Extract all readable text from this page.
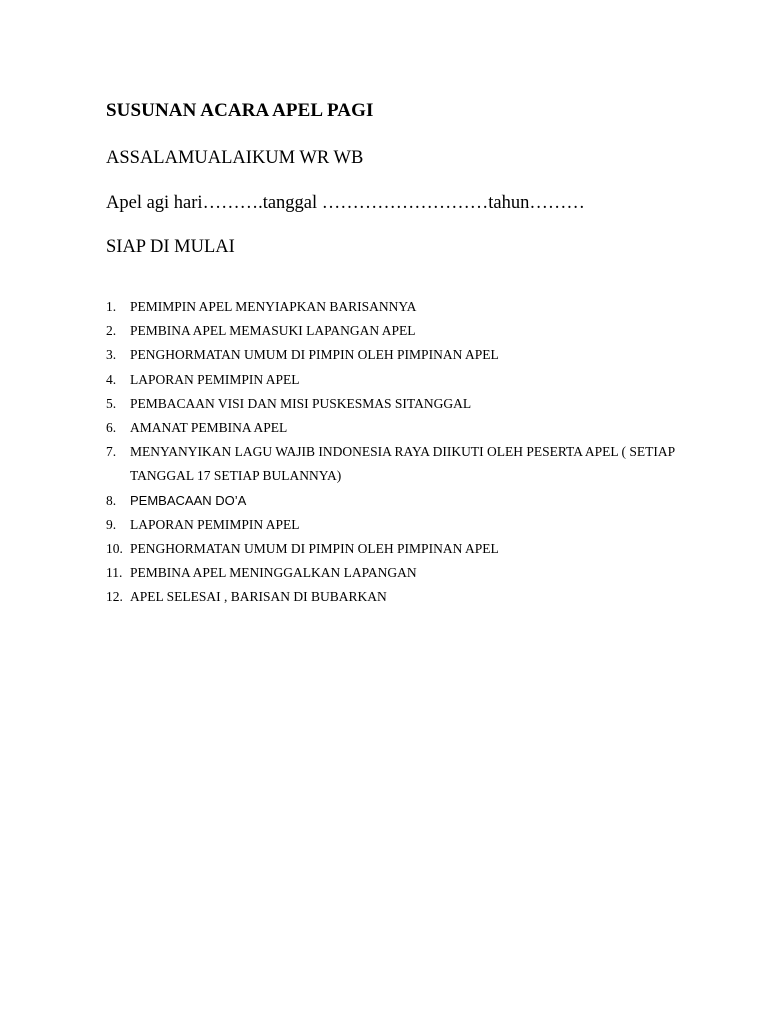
SUSUNAN ACARA APEL PAGI

ASSALAMUALAIKUM WR WB

Apel agi hari……….tanggal ………………………tahun………

SIAP DI MULAI

1.	PEMIMPIN APEL MENYIAPKAN BARISANNYA
2.	PEMBINA APEL MEMASUKI LAPANGAN APEL
3.	PENGHORMATAN UMUM DI PIMPIN OLEH PIMPINAN APEL
4.	LAPORAN PEMIMPIN APEL
5.	PEMBACAAN VISI DAN MISI PUSKESMAS SITANGGAL
6.	AMANAT PEMBINA APEL
7.	MENYANYIKAN LAGU WAJIB INDONESIA RAYA DIIKUTI OLEH PESERTA APEL ( SETIAP TANGGAL 17 SETIAP BULANNYA)
8.	PEMBACAAN DO’A
9.	LAPORAN PEMIMPIN APEL
10. PENGHORMATAN UMUM DI PIMPIN OLEH PIMPINAN APEL
11. PEMBINA APEL MENINGGALKAN LAPANGAN
12. APEL SELESAI , BARISAN DI BUBARKAN
